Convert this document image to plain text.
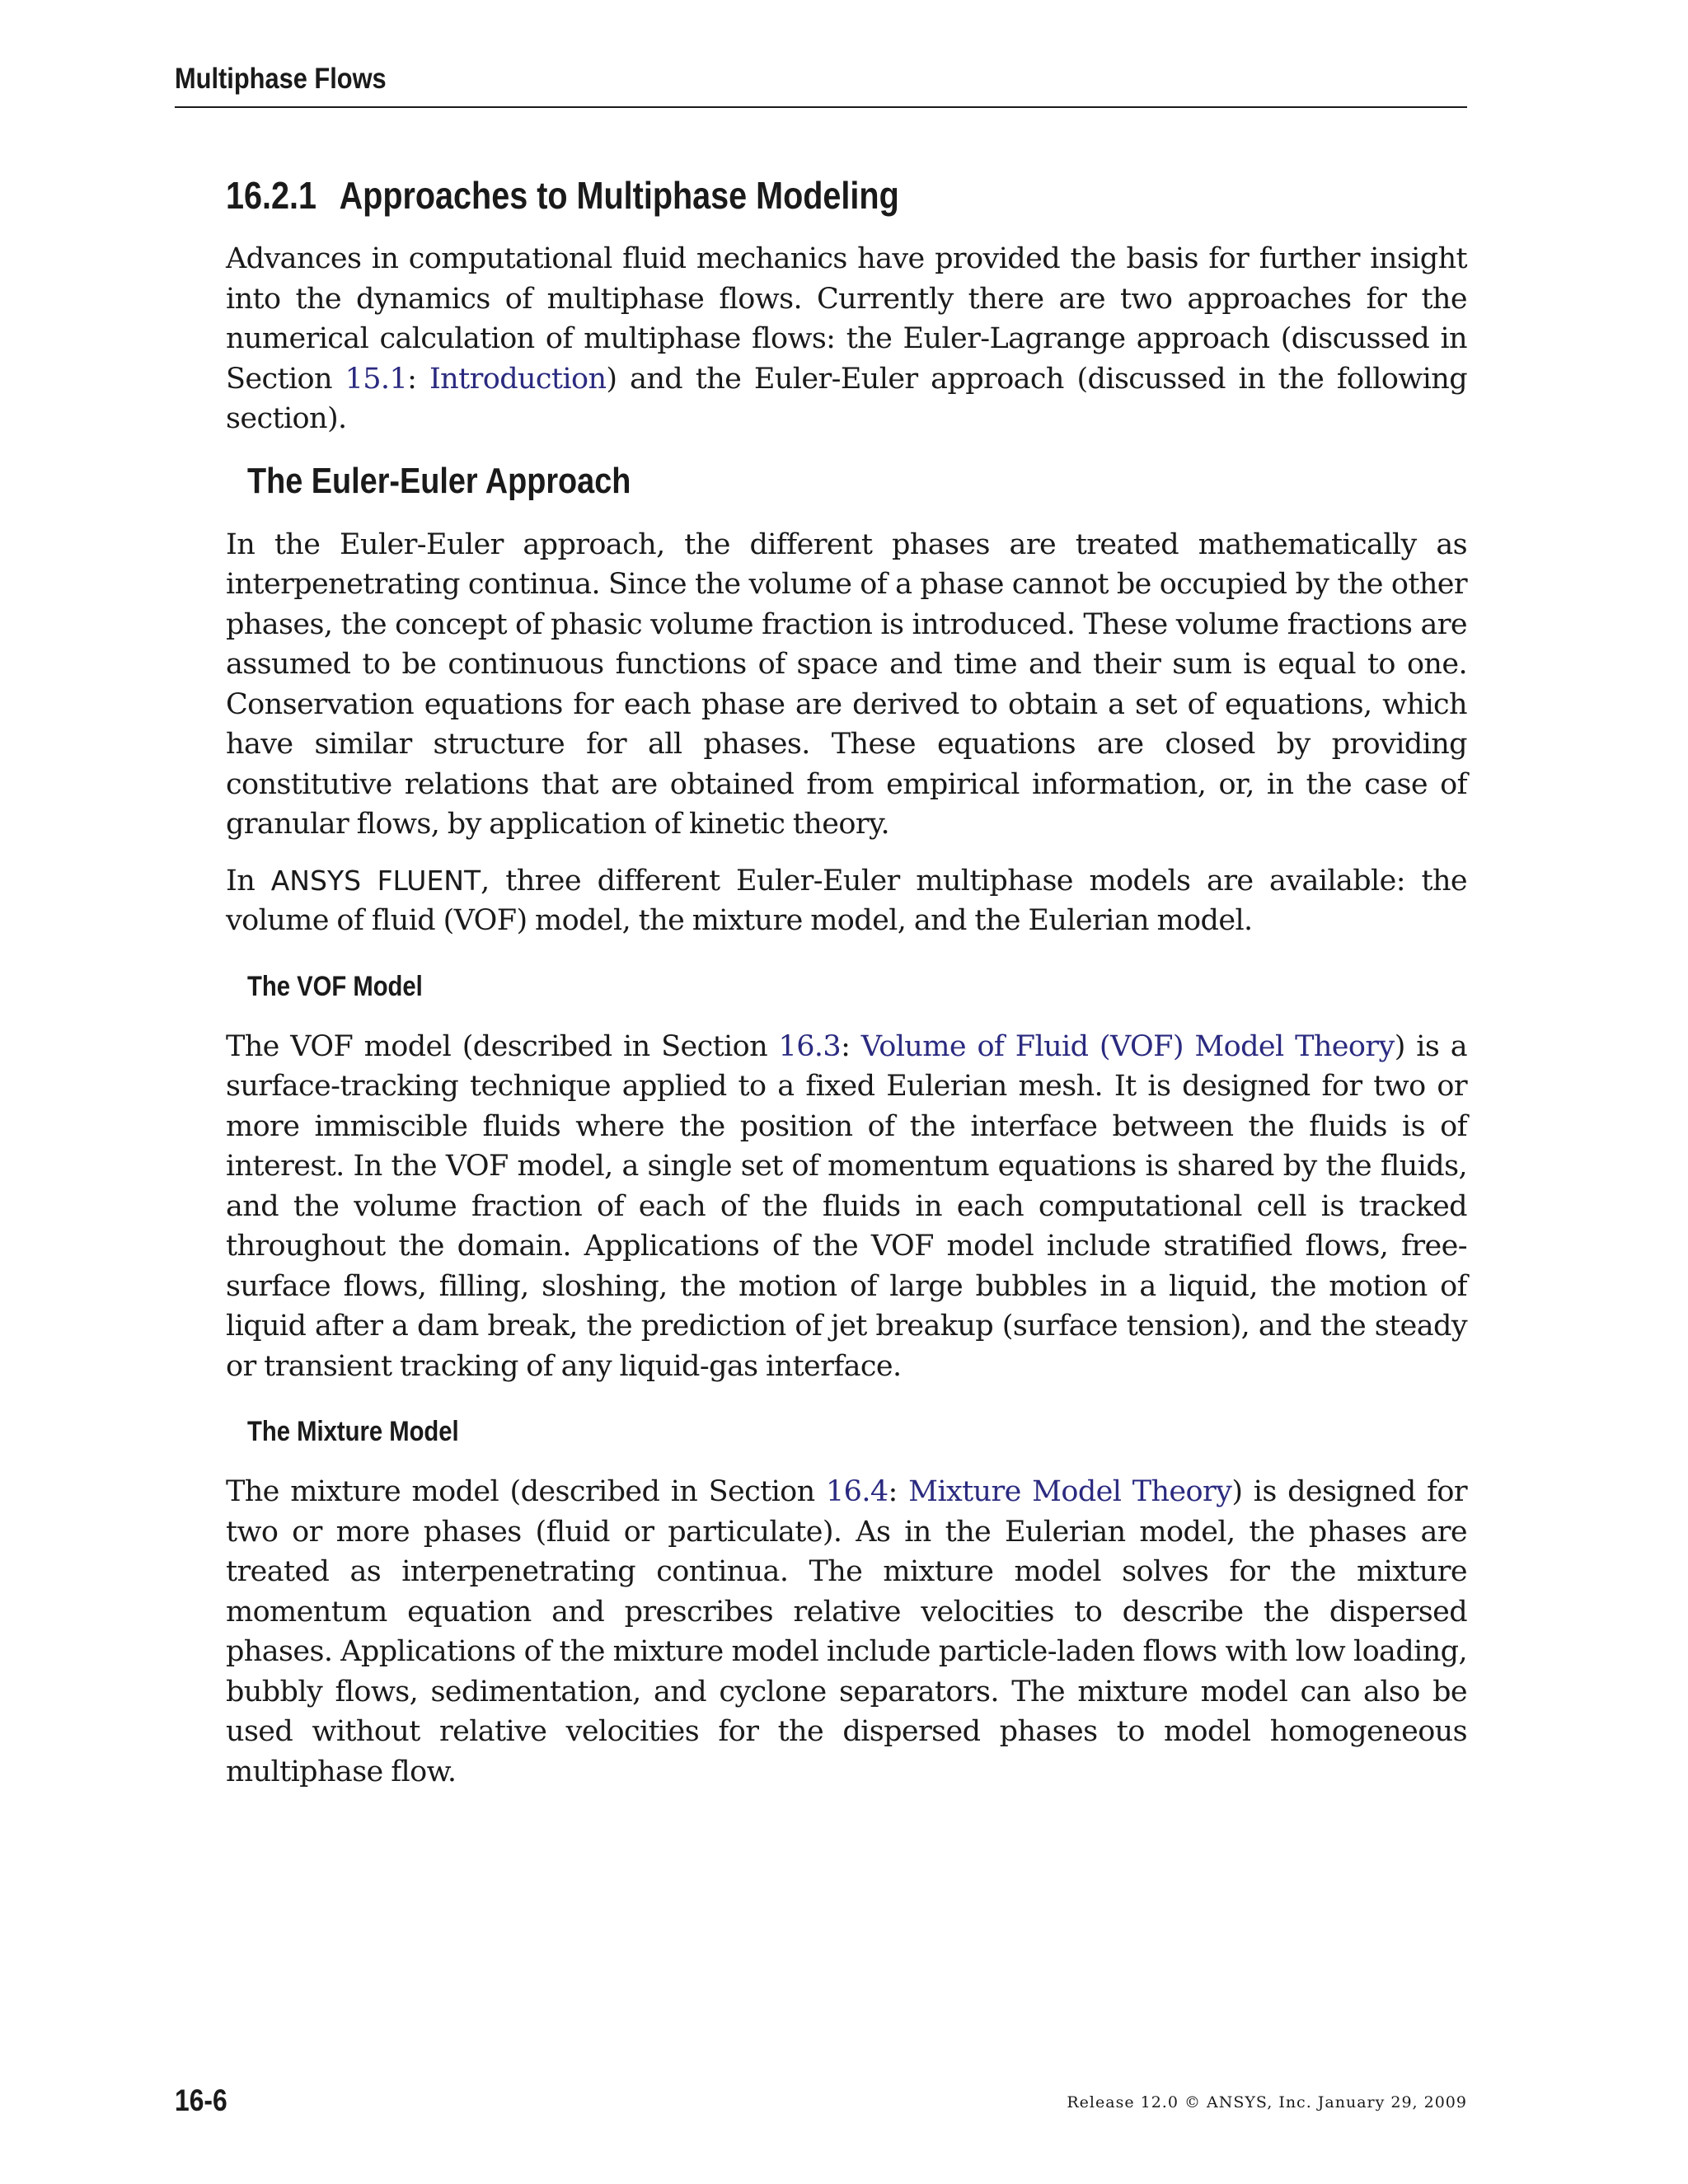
Multiphase Flows
16.2.1 Approaches to Multiphase Modeling

Advances in computational fluid mechanics have provided the basis for further insight into the dynamics of multiphase flows. Currently there are two approaches for the numerical calculation of multiphase flows: the Euler-Lagrange approach (discussed in Section 15.1: Introduction) and the Euler-Euler approach (discussed in the following section).

The Euler-Euler Approach

In the Euler-Euler approach, the different phases are treated mathematically as interpenetrating continua. Since the volume of a phase cannot be occupied by the other phases, the concept of phasic volume fraction is introduced. These volume fractions are assumed to be continuous functions of space and time and their sum is equal to one. Conservation equations for each phase are derived to obtain a set of equations, which have similar structure for all phases. These equations are closed by providing constitutive relations that are obtained from empirical information, or, in the case of granular flows, by application of kinetic theory.

In ANSYS FLUENT, three different Euler-Euler multiphase models are available: the volume of fluid (VOF) model, the mixture model, and the Eulerian model.

The VOF Model

The VOF model (described in Section 16.3: Volume of Fluid (VOF) Model Theory) is a surface-tracking technique applied to a fixed Eulerian mesh. It is designed for two or more immiscible fluids where the position of the interface between the fluids is of interest. In the VOF model, a single set of momentum equations is shared by the fluids, and the volume fraction of each of the fluids in each computational cell is tracked throughout the domain. Applications of the VOF model include stratified flows, free-surface flows, filling, sloshing, the motion of large bubbles in a liquid, the motion of liquid after a dam break, the prediction of jet breakup (surface tension), and the steady or transient tracking of any liquid-gas interface.

The Mixture Model

The mixture model (described in Section 16.4: Mixture Model Theory) is designed for two or more phases (fluid or particulate). As in the Eulerian model, the phases are treated as interpenetrating continua. The mixture model solves for the mixture momentum equation and prescribes relative velocities to describe the dispersed phases. Applications of the mixture model include particle-laden flows with low loading, bubbly flows, sedimentation, and cyclone separators. The mixture model can also be used without relative velocities for the dispersed phases to model homogeneous multiphase flow.

16-6	Release 12.0 © ANSYS, Inc. January 29, 2009
